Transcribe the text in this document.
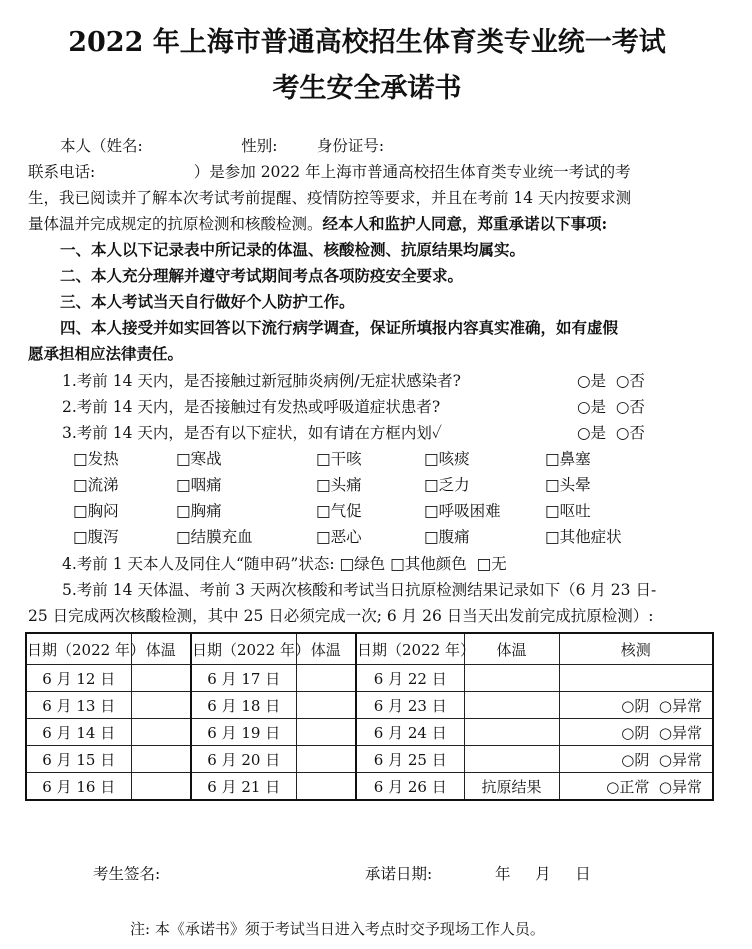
2022 年上海市普通高校招生体育类专业统一考试
考生安全承诺书
本人（姓名:                    性别:        身份证号:
联系电话:                    ）是参加 2022 年上海市普通高校招生体育类专业统一考试的考
生，我已阅读并了解本次考试考前提醒、疫情防控等要求，并且在考前 14 天内按要求测
量体温并完成规定的抗原检测和核酸检测。经本人和监护人同意，郑重承诺以下事项:
一、本人以下记录表中所记录的体温、核酸检测、抗原结果均属实。
二、本人充分理解并遵守考试期间考点各项防疫安全要求。
三、本人考试当天自行做好个人防护工作。
四、本人接受并如实回答以下流行病学调查，保证所填报内容真实准确，如有虚假
愿承担相应法律责任。
1.考前 14 天内，是否接触过新冠肺炎病例/无症状感染者?	○是  ○否
2.考前 14 天内，是否接触过有发热或呼吸道症状患者?	○是  ○否
3.考前 14 天内，是否有以下症状，如有请在方框内划✓	○是  ○否
□发热	□寒战	□干咳	□咳痰	□鼻塞
□流涕	□咽痛	□头痛	□乏力	□头晕
□胸闷	□胸痛	□气促	□呼吸困难	□呕吐
□腹泻	□结膜充血	□恶心	□腹痛	□其他症状
4.考前 1 天本人及同住人“随申码”状态: □绿色 □其他颜色  □无
5.考前 14 天体温、考前 3 天两次核酸和考试当日抗原检测结果记录如下（6 月 23 日-
25 日完成两次核酸检测，其中 25 日必须完成一次; 6 月 26 日当天出发前完成抗原检测）:
日期（2022 年）	体温	日期（2022 年）	体温	日期（2022 年）	体温	核测
6 月 12 日		6 月 17 日		6 月 22 日		
6 月 13 日		6 月 18 日		6 月 23 日		○阴  ○异常
6 月 14 日		6 月 19 日		6 月 24 日		○阴  ○异常
6 月 15 日		6 月 20 日		6 月 25 日		○阴  ○异常
6 月 16 日		6 月 21 日		6 月 26 日	抗原结果	○正常  ○异常
考生签名:	承诺日期:	年     月     日
注: 本《承诺书》须于考试当日进入考点时交予现场工作人员。
